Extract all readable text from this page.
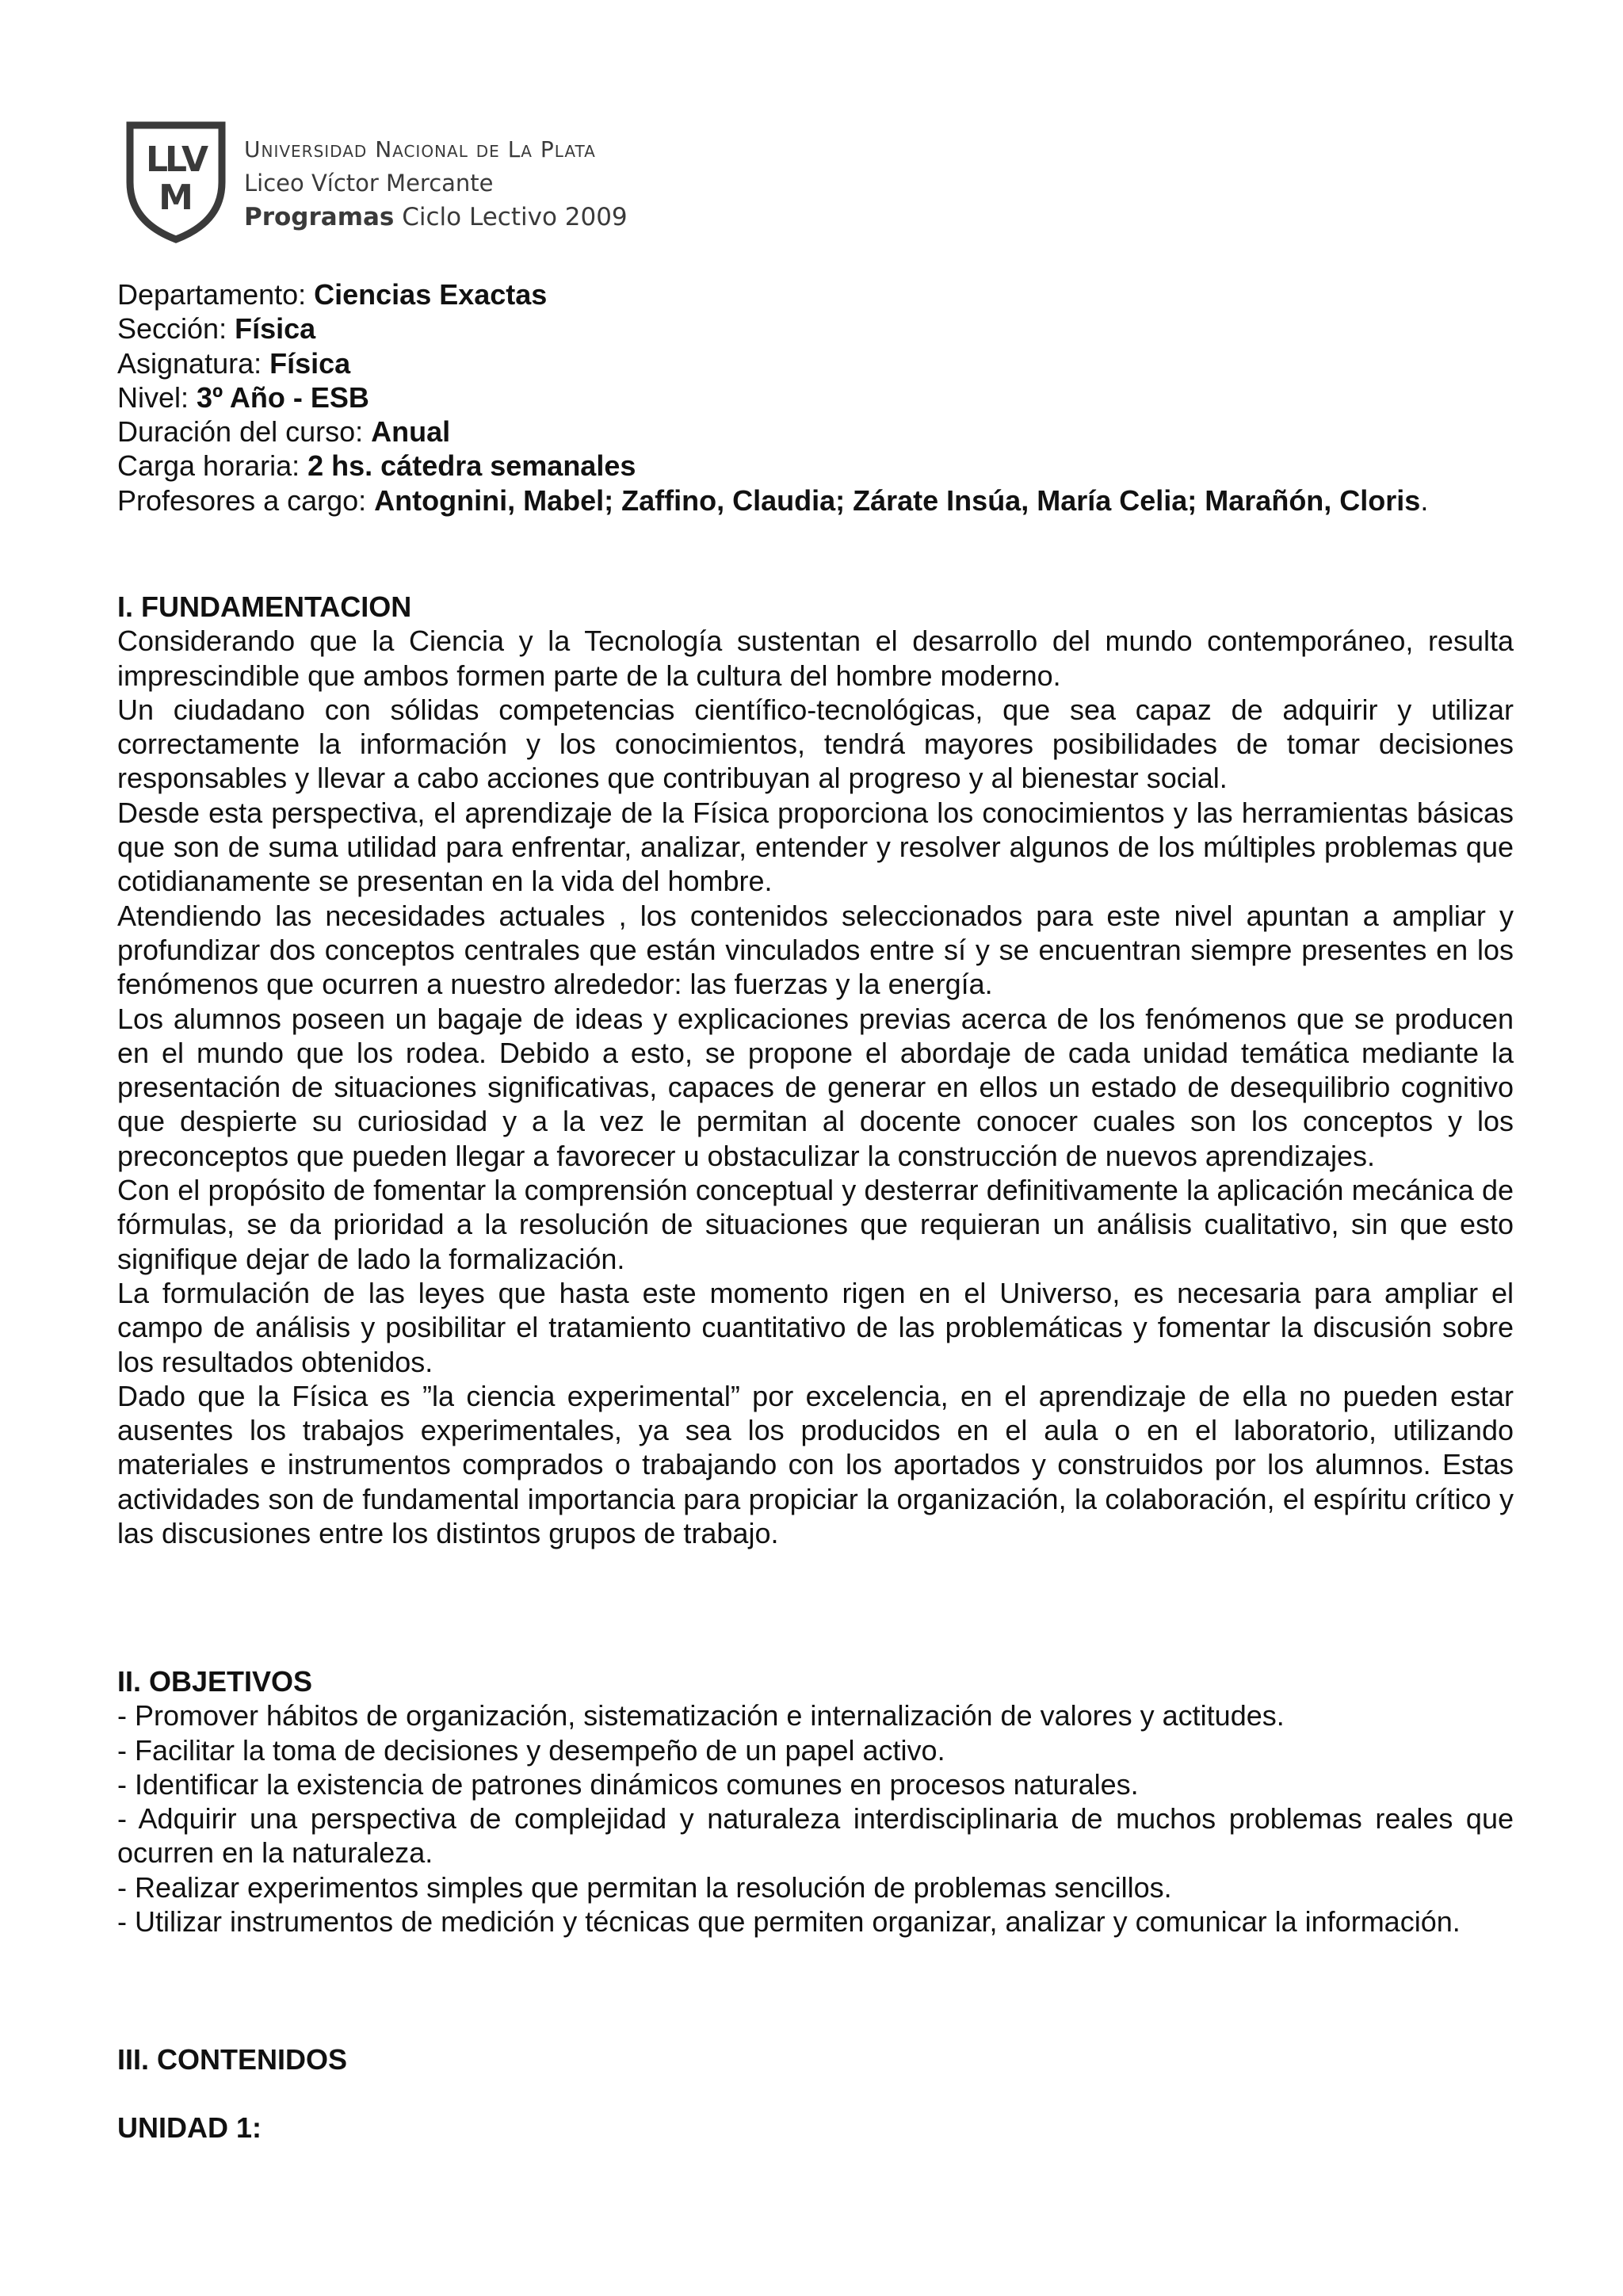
L
L V
M
Universidad Nacional de La Plata
Liceo Víctor Mercante
Programas Ciclo Lectivo 2009
Departamento: Ciencias Exactas
Sección: Física
Asignatura: Física
Nivel: 3º Año - ESB
Duración del curso: Anual
Carga horaria: 2 hs. cátedra semanales
Profesores a cargo: Antognini, Mabel; Zaffino, Claudia; Zárate Insúa, María Celia; Marañón, Cloris.

I. FUNDAMENTACION

Considerando que la Ciencia y la Tecnología sustentan el desarrollo del mundo contemporáneo, resulta imprescindible que ambos formen parte de la cultura del hombre moderno.

Un ciudadano con sólidas competencias científico-tecnológicas, que sea capaz de adquirir y utilizar correctamente la información y los conocimientos, tendrá mayores posibilidades de tomar decisiones responsables y llevar a cabo acciones que contribuyan al progreso y al bienestar social.

Desde esta perspectiva, el aprendizaje de la Física proporciona los conocimientos y las herramientas básicas que son de suma utilidad para enfrentar, analizar, entender y resolver algunos de los múltiples problemas que cotidianamente se presentan en la vida del hombre.

Atendiendo las necesidades actuales , los contenidos seleccionados para este nivel apuntan a ampliar y profundizar dos conceptos centrales que están vinculados entre sí y se encuentran siempre presentes en los fenómenos que ocurren a nuestro alrededor: las fuerzas y la energía.

Los alumnos poseen un bagaje de ideas y explicaciones previas acerca de los fenómenos que se producen en el mundo que los rodea. Debido a esto, se propone el abordaje de cada unidad temática mediante la presentación de situaciones significativas, capaces de generar en ellos un estado de desequilibrio cognitivo que despierte su curiosidad y a la vez le permitan al docente conocer cuales son los conceptos y los preconceptos que pueden llegar a favorecer u obstaculizar la construcción de nuevos aprendizajes.

Con el propósito de fomentar la comprensión conceptual y desterrar definitivamente la aplicación mecánica de fórmulas, se da prioridad a la resolución de situaciones que requieran un análisis cualitativo, sin que esto signifique dejar de lado la formalización.

La formulación de las leyes que hasta este momento rigen en el Universo, es necesaria para ampliar el campo de análisis y posibilitar el tratamiento cuantitativo de las problemáticas y fomentar la discusión sobre los resultados obtenidos.

Dado que la Física es ”la ciencia experimental” por excelencia, en el aprendizaje de ella no pueden estar ausentes los trabajos experimentales, ya sea los producidos en el aula o en el laboratorio, utilizando materiales e instrumentos comprados o trabajando con los aportados y construidos por los alumnos. Estas actividades son de fundamental importancia para propiciar la organización, la colaboración, el espíritu crítico y las discusiones entre los distintos grupos de trabajo.

II. OBJETIVOS

- Promover hábitos de organización, sistematización e internalización de valores y actitudes.

- Facilitar la toma de decisiones y desempeño de un papel activo.

- Identificar la existencia de patrones dinámicos comunes en procesos naturales.

- Adquirir una perspectiva de complejidad y naturaleza interdisciplinaria de muchos problemas reales que ocurren en la naturaleza.

- Realizar experimentos simples que permitan la resolución de problemas sencillos.

- Utilizar instrumentos de medición y técnicas que permiten organizar, analizar y comunicar la información.

III. CONTENIDOS

UNIDAD 1:
